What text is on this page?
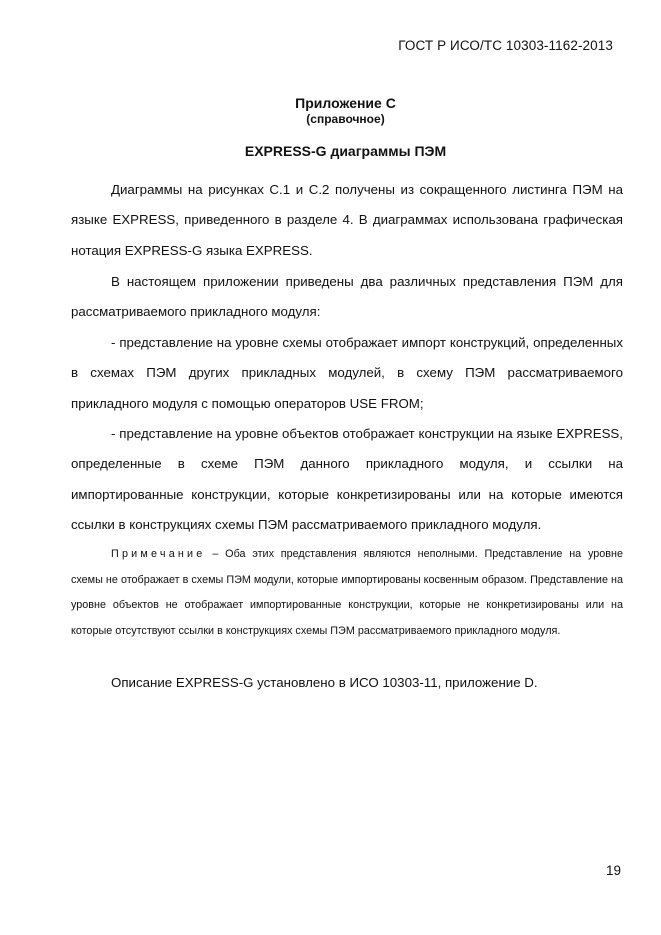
ГОСТ Р ИСО/ТС 10303-1162-2013
Приложение С
(справочное)
EXPRESS-G диаграммы ПЭМ
Диаграммы на рисунках C.1 и C.2 получены из сокращенного листинга ПЭМ на языке EXPRESS, приведенного в разделе 4. В диаграммах использована графическая нотация EXPRESS-G языка EXPRESS.
В настоящем приложении приведены два различных представления ПЭМ для рассматриваемого прикладного модуля:
- представление на уровне схемы отображает импорт конструкций, определенных в схемах ПЭМ других прикладных модулей, в схему ПЭМ рассматриваемого прикладного модуля с помощью операторов USE FROM;
- представление на уровне объектов отображает конструкции на языке EXPRESS, определенные в схеме ПЭМ данного прикладного модуля, и ссылки на импортированные конструкции, которые конкретизированы или на которые имеются ссылки в конструкциях схемы ПЭМ рассматриваемого прикладного модуля.
Примечание – Оба этих представления являются неполными. Представление на уровне схемы не отображает в схемы ПЭМ модули, которые импортированы косвенным образом. Представление на уровне объектов не отображает импортированные конструкции, которые не конкретизированы или на которые отсутствуют ссылки в конструкциях схемы ПЭМ рассматриваемого прикладного модуля.
Описание EXPRESS-G установлено в ИСО 10303-11, приложение D.
19
